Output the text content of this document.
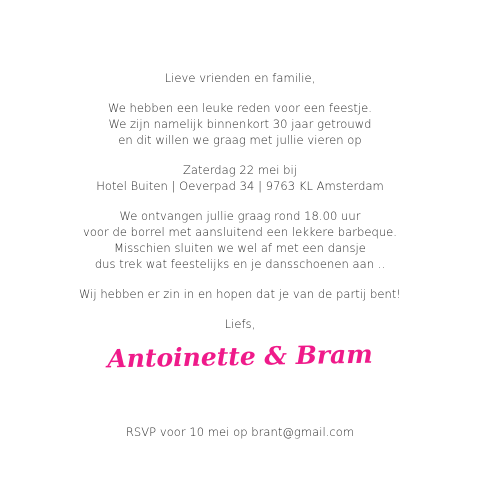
Lieve vrienden en familie,
We hebben een leuke reden voor een feestje.
We zijn namelijk binnenkort 30 jaar getrouwd
en dit willen we graag met jullie vieren op
Zaterdag 22 mei bij
Hotel Buiten | Oeverpad 34 | 9763 KL Amsterdam
We ontvangen jullie graag rond 18.00 uur
voor de borrel met aansluitend een lekkere barbeque.
Misschien sluiten we wel af met een dansje
dus trek wat feestelijks en je dansschoenen aan ..
Wij hebben er zin in en hopen dat je van de partij bent!
Liefs,
Antoinette & Bram
RSVP voor 10 mei op brant@gmail.com
